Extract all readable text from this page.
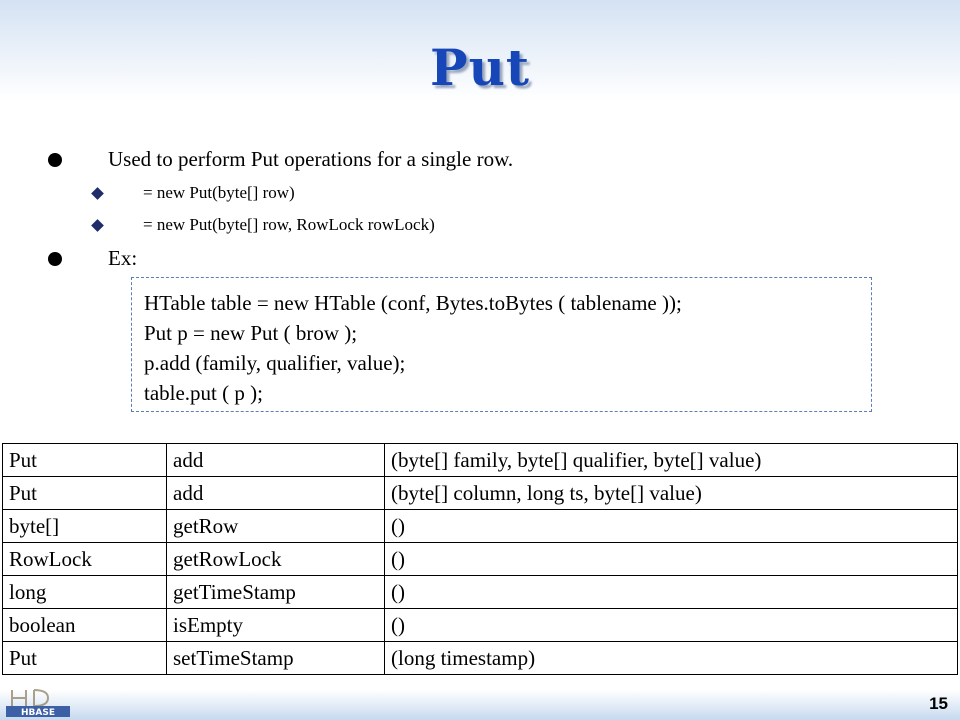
Put
Used to perform Put operations for a single row.
= new Put(byte[] row)
= new Put(byte[] row, RowLock rowLock)
Ex:
HTable table = new HTable (conf, Bytes.toBytes ( tablename ));
Put p = new Put ( brow );
p.add (family, qualifier, value);
table.put ( p );
Put	add	(byte[] family, byte[] qualifier, byte[] value)
Put	add	(byte[] column, long ts, byte[] value)
byte[]	getRow	()
RowLock	getRowLock	()
long	getTimeStamp	()
boolean	isEmpty	()
Put	setTimeStamp	(long timestamp)
HBASE	15
